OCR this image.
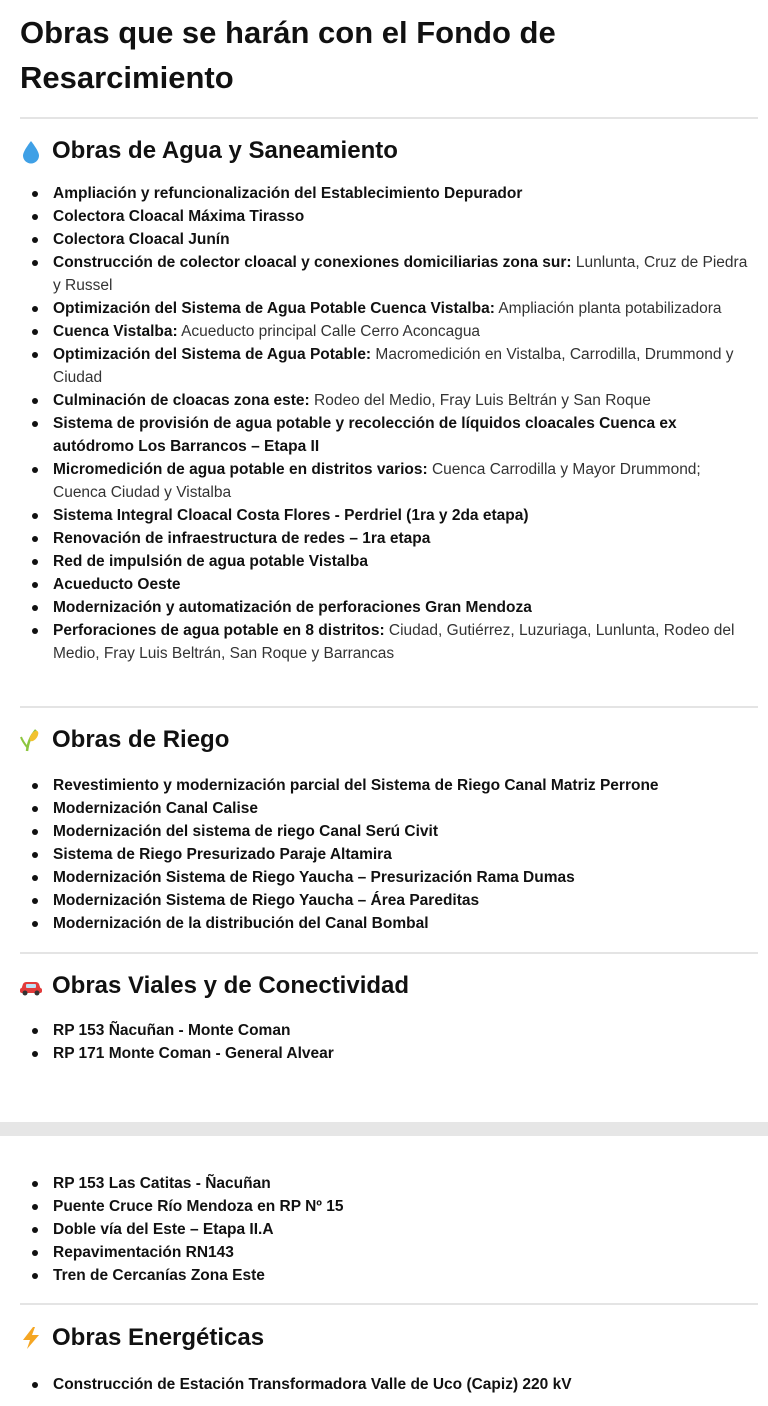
Obras que se harán con el Fondo de Resarcimiento
Obras de Agua y Saneamiento
Ampliación y refuncionalización del Establecimiento Depurador
Colectora Cloacal Máxima Tirasso
Colectora Cloacal Junín
Construcción de colector cloacal y conexiones domiciliarias zona sur: Lunlunta, Cruz de Piedra y Russel
Optimización del Sistema de Agua Potable Cuenca Vistalba: Ampliación planta potabilizadora
Cuenca Vistalba: Acueducto principal Calle Cerro Aconcagua
Optimización del Sistema de Agua Potable: Macromedición en Vistalba, Carrodilla, Drummond y Ciudad
Culminación de cloacas zona este: Rodeo del Medio, Fray Luis Beltrán y San Roque
Sistema de provisión de agua potable y recolección de líquidos cloacales Cuenca ex autódromo Los Barrancos – Etapa II
Micromedición de agua potable en distritos varios: Cuenca Carrodilla y Mayor Drummond; Cuenca Ciudad y Vistalba
Sistema Integral Cloacal Costa Flores - Perdriel (1ra y 2da etapa)
Renovación de infraestructura de redes – 1ra etapa
Red de impulsión de agua potable Vistalba
Acueducto Oeste
Modernización y automatización de perforaciones Gran Mendoza
Perforaciones de agua potable en 8 distritos: Ciudad, Gutiérrez, Luzuriaga, Lunlunta, Rodeo del Medio, Fray Luis Beltrán, San Roque y Barrancas
Obras de Riego
Revestimiento y modernización parcial del Sistema de Riego Canal Matriz Perrone
Modernización Canal Calise
Modernización del sistema de riego Canal Serú Civit
Sistema de Riego Presurizado Paraje Altamira
Modernización Sistema de Riego Yaucha – Presurización Rama Dumas
Modernización Sistema de Riego Yaucha – Área Pareditas
Modernización de la distribución del Canal Bombal
Obras Viales y de Conectividad
RP 153 Ñacuñan - Monte Coman
RP 171 Monte Coman - General Alvear
RP 153 Las Catitas - Ñacuñan
Puente Cruce Río Mendoza en RP Nº 15
Doble vía del Este – Etapa II.A
Repavimentación RN143
Tren de Cercanías Zona Este
Obras Energéticas
Construcción de Estación Transformadora Valle de Uco (Capiz) 220 kV
